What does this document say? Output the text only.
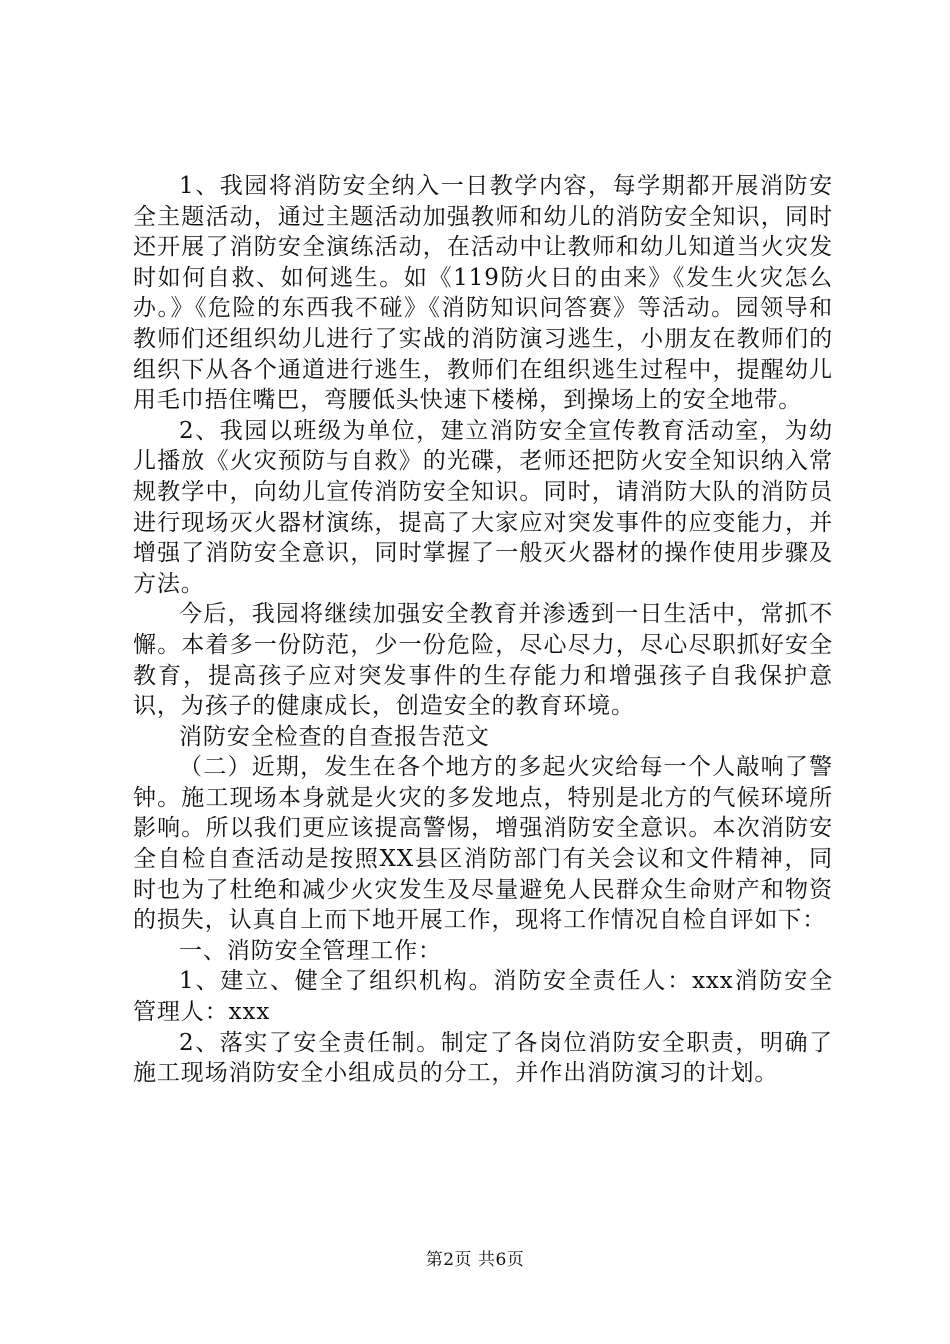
1、我园将消防安全纳入一日教学内容，每学期都开展消防安全主题活动，通过主题活动加强教师和幼儿的消防安全知识，同时还开展了消防安全演练活动，在活动中让教师和幼儿知道当火灾发时如何自救、如何逃生。如《119防火日的由来》《发生火灾怎么办。》《危险的东西我不碰》《消防知识问答赛》等活动。园领导和教师们还组织幼儿进行了实战的消防演习逃生，小朋友在教师们的组织下从各个通道进行逃生，教师们在组织逃生过程中，提醒幼儿用毛巾捂住嘴巴，弯腰低头快速下楼梯，到操场上的安全地带。

2、我园以班级为单位，建立消防安全宣传教育活动室，为幼儿播放《火灾预防与自救》的光碟，老师还把防火安全知识纳入常规教学中，向幼儿宣传消防安全知识。同时，请消防大队的消防员进行现场灭火器材演练，提高了大家应对突发事件的应变能力，并增强了消防安全意识，同时掌握了一般灭火器材的操作使用步骤及方法。

今后，我园将继续加强安全教育并渗透到一日生活中，常抓不懈。本着多一份防范，少一份危险，尽心尽力，尽心尽职抓好安全教育，提高孩子应对突发事件的生存能力和增强孩子自我保护意识，为孩子的健康成长，创造安全的教育环境。

消防安全检查的自查报告范文

（二）近期，发生在各个地方的多起火灾给每一个人敲响了警钟。施工现场本身就是火灾的多发地点，特别是北方的气候环境所影响。所以我们更应该提高警惕，增强消防安全意识。本次消防安全自检自查活动是按照XX县区消防部门有关会议和文件精神，同时也为了杜绝和减少火灾发生及尽量避免人民群众生命财产和物资的损失，认真自上而下地开展工作，现将工作情况自检自评如下：

一、消防安全管理工作：

1、建立、健全了组织机构。消防安全责任人：xxx消防安全管理人：xxx

2、落实了安全责任制。制定了各岗位消防安全职责，明确了施工现场消防安全小组成员的分工，并作出消防演习的计划。

第2页 共6页
